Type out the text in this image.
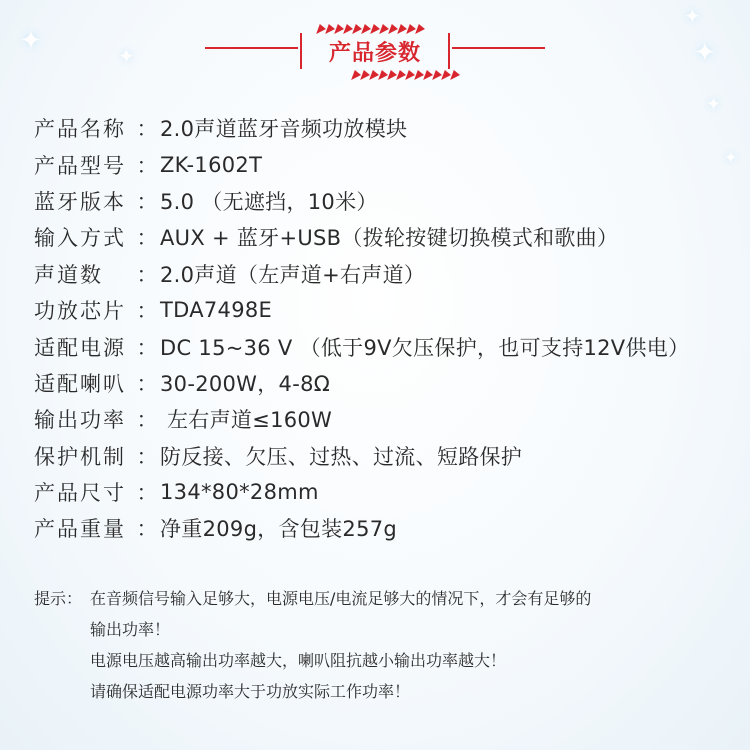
✦	✦
✦
✦
✦
✦
产品参数
产品名称 ： 2.0声道蓝牙音频功放模块
产品型号 ： ZK-1602T
蓝牙版本 ： 5.0 （无遮挡，10米）
输入方式 ： AUX + 蓝牙+USB（拨轮按键切换模式和歌曲）
声道数	： 2.0声道（左声道+右声道）
功放芯片 ： TDA7498E
适配电源 ： DC 15~36 V （低于9V欠压保护，也可支持12V供电）
适配喇叭 ： 30-200W，4-8Ω
输出功率 ： 左右声道≤160W
保护机制 ： 防反接、欠压、过热、过流、短路保护
产品尺寸 ： 134*80*28mm
产品重量 ： 净重209g，含包装257g
提示： 在音频信号输入足够大，电源电压/电流足够大的情况下，才会有足够的
输出功率！
电源电压越高输出功率越大，喇叭阻抗越小输出功率越大！
请确保适配电源功率大于功放实际工作功率！
